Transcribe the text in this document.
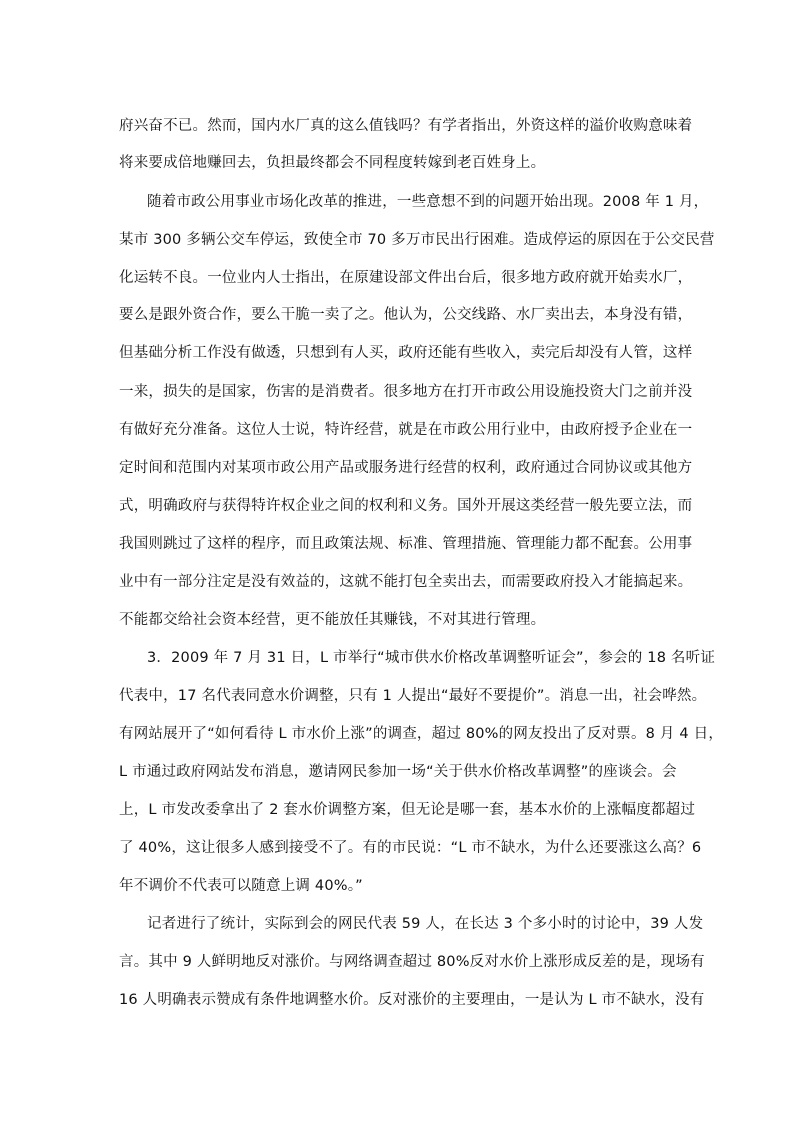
府兴奋不已。然而，国内水厂真的这么值钱吗？有学者指出，外资这样的溢价收购意味着
将来要成倍地赚回去，负担最终都会不同程度转嫁到老百姓身上。
随着市政公用事业市场化改革的推进，一些意想不到的问题开始出现。2008 年 1 月，
某市 300 多辆公交车停运，致使全市 70 多万市民出行困难。造成停运的原因在于公交民营
化运转不良。一位业内人士指出，在原建设部文件出台后，很多地方政府就开始卖水厂，
要么是跟外资合作，要么干脆一卖了之。他认为，公交线路、水厂卖出去，本身没有错，
但基础分析工作没有做透，只想到有人买，政府还能有些收入，卖完后却没有人管，这样
一来，损失的是国家，伤害的是消费者。很多地方在打开市政公用设施投资大门之前并没
有做好充分准备。这位人士说，特许经营，就是在市政公用行业中，由政府授予企业在一
定时间和范围内对某项市政公用产品或服务进行经营的权利，政府通过合同协议或其他方
式，明确政府与获得特许权企业之间的权利和义务。国外开展这类经营一般先要立法，而
我国则跳过了这样的程序，而且政策法规、标准、管理措施、管理能力都不配套。公用事
业中有一部分注定是没有效益的，这就不能打包全卖出去，而需要政府投入才能搞起来。
不能都交给社会资本经营，更不能放任其赚钱，不对其进行管理。
3．2009 年 7 月 31 日，L 市举行“城市供水价格改革调整听证会”，参会的 18 名听证
代表中，17 名代表同意水价调整，只有 1 人提出“最好不要提价”。消息一出，社会哗然。
有网站展开了“如何看待 L 市水价上涨”的调查，超过 80%的网友投出了反对票。8 月 4 日，
L 市通过政府网站发布消息，邀请网民参加一场“关于供水价格改革调整”的座谈会。会
上，L 市发改委拿出了 2 套水价调整方案，但无论是哪一套，基本水价的上涨幅度都超过
了 40%，这让很多人感到接受不了。有的市民说：“L 市不缺水，为什么还要涨这么高？6
年不调价不代表可以随意上调 40%。”
记者进行了统计，实际到会的网民代表 59 人，在长达 3 个多小时的讨论中，39 人发
言。其中 9 人鲜明地反对涨价。与网络调查超过 80%反对水价上涨形成反差的是，现场有
16 人明确表示赞成有条件地调整水价。反对涨价的主要理由，一是认为 L 市不缺水，没有
